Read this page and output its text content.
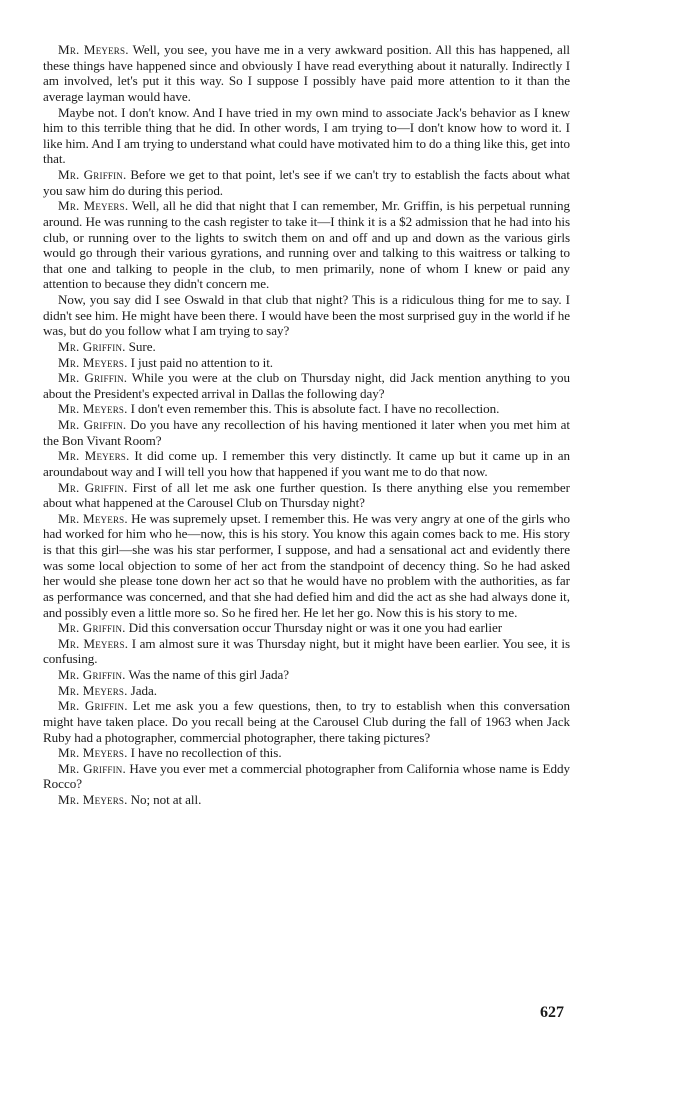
Mr. Meyers. Well, you see, you have me in a very awkward position. All this has happened, all these things have happened since and obviously I have read everything about it naturally. Indirectly I am involved, let's put it this way. So I suppose I possibly have paid more attention to it than the average layman would have.

Maybe not. I don't know. And I have tried in my own mind to associate Jack's behavior as I knew him to this terrible thing that he did. In other words, I am trying to—I don't know how to word it. I like him. And I am trying to understand what could have motivated him to do a thing like this, get into that.

Mr. Griffin. Before we get to that point, let's see if we can't try to establish the facts about what you saw him do during this period.

Mr. Meyers. Well, all he did that night that I can remember, Mr. Griffin, is his perpetual running around. He was running to the cash register to take it—I think it is a $2 admission that he had into his club, or running over to the lights to switch them on and off and up and down as the various girls would go through their various gyrations, and running over and talking to this waitress or talking to that one and talking to people in the club, to men primarily, none of whom I knew or paid any attention to because they didn't concern me.

Now, you say did I see Oswald in that club that night? This is a ridiculous thing for me to say. I didn't see him. He might have been there. I would have been the most surprised guy in the world if he was, but do you follow what I am trying to say?

Mr. Griffin. Sure.

Mr. Meyers. I just paid no attention to it.

Mr. Griffin. While you were at the club on Thursday night, did Jack mention anything to you about the President's expected arrival in Dallas the following day?

Mr. Meyers. I don't even remember this. This is absolute fact. I have no recollection.

Mr. Griffin. Do you have any recollection of his having mentioned it later when you met him at the Bon Vivant Room?

Mr. Meyers. It did come up. I remember this very distinctly. It came up but it came up in an aroundabout way and I will tell you how that happened if you want me to do that now.

Mr. Griffin. First of all let me ask one further question. Is there anything else you remember about what happened at the Carousel Club on Thursday night?

Mr. Meyers. He was supremely upset. I remember this. He was very angry at one of the girls who had worked for him who he—now, this is his story. You know this again comes back to me. His story is that this girl—she was his star performer, I suppose, and had a sensational act and evidently there was some local objection to some of her act from the standpoint of decency thing. So he had asked her would she please tone down her act so that he would have no problem with the authorities, as far as performance was concerned, and that she had defied him and did the act as she had always done it, and possibly even a little more so. So he fired her. He let her go. Now this is his story to me.

Mr. Griffin. Did this conversation occur Thursday night or was it one you had earlier

Mr. Meyers. I am almost sure it was Thursday night, but it might have been earlier. You see, it is confusing.

Mr. Griffin. Was the name of this girl Jada?

Mr. Meyers. Jada.

Mr. Griffin. Let me ask you a few questions, then, to try to establish when this conversation might have taken place. Do you recall being at the Carousel Club during the fall of 1963 when Jack Ruby had a photographer, commercial photographer, there taking pictures?

Mr. Meyers. I have no recollection of this.

Mr. Griffin. Have you ever met a commercial photographer from California whose name is Eddy Rocco?

Mr. Meyers. No; not at all.

627
